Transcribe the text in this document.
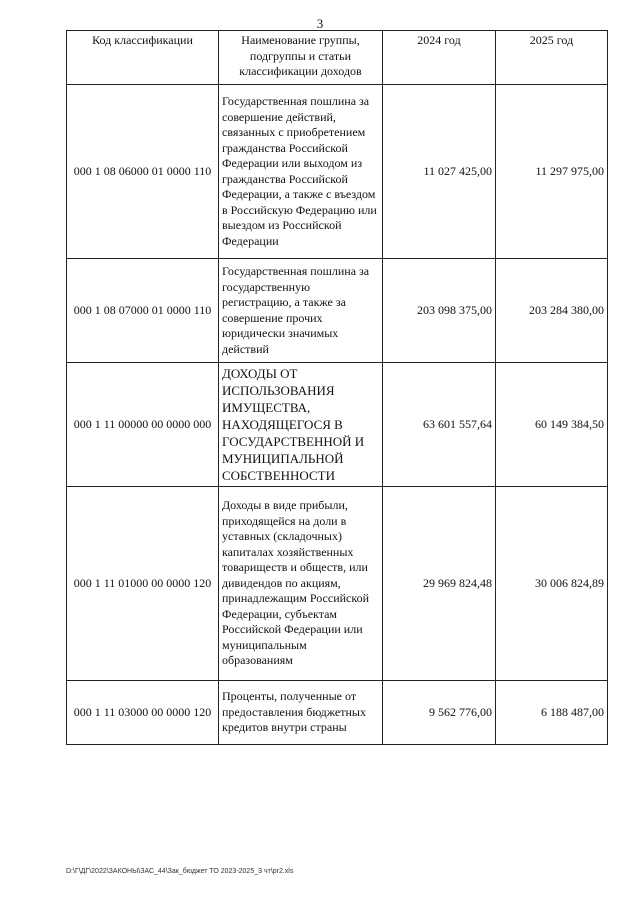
3
Код классификации	Наименование группы, подгруппы и статьи классификации доходов	2024 год	2025 год
000 1 08 06000 01 0000 110	Государственная пошлина за совершение действий, связанных с приобретением гражданства Российской Федерации или выходом из гражданства Российской Федерации, а также с въездом в Российскую Федерацию или выездом из Российской Федерации	11 027 425,00	11 297 975,00
000 1 08 07000 01 0000 110	Государственная пошлина за государственную регистрацию, а также за совершение прочих юридически значимых действий	203 098 375,00	203 284 380,00
000 1 11 00000 00 0000 000	ДОХОДЫ ОТ ИСПОЛЬЗОВАНИЯ ИМУЩЕСТВА, НАХОДЯЩЕГОСЯ В ГОСУДАРСТВЕННОЙ И МУНИЦИПАЛЬНОЙ СОБСТВЕННОСТИ	63 601 557,64	60 149 384,50
000 1 11 01000 00 0000 120	Доходы в виде прибыли, приходящейся на доли в уставных (складочных) капиталах хозяйственных товариществ и обществ, или дивидендов по акциям, принадлежащим Российской Федерации, субъектам Российской Федерации или муниципальным образованиям	29 969 824,48	30 006 824,89
000 1 11 03000 00 0000 120	Проценты, полученные от предоставления бюджетных кредитов внутри страны	9 562 776,00	6 188 487,00
D:\Г\ДГ\2022\ЗАКОНЫ\ЗАС_44\Зак_бюджет ТО 2023-2025_3 чт\pr2.xls
